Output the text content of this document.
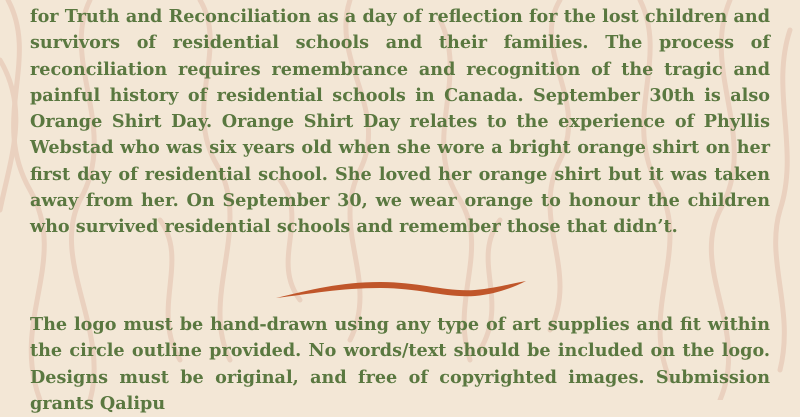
for Truth and Reconciliation as a day of reflection for the lost children and survivors of residential schools and their families. The process of reconciliation requires remembrance and recognition of the tragic and painful history of residential schools in Canada. September 30th is also Orange Shirt Day. Orange Shirt Day relates to the experience of Phyllis Webstad who was six years old when she wore a bright orange shirt on her first day of residential school. She loved her orange shirt but it was taken away from her. On September 30, we wear orange to honour the children who survived residential schools and remember those that didn’t.

The logo must be hand-drawn using any type of art supplies and fit within the circle outline provided. No words/text should be included on the logo. Designs must be original, and free of copyrighted images. Submission grants Qalipu
